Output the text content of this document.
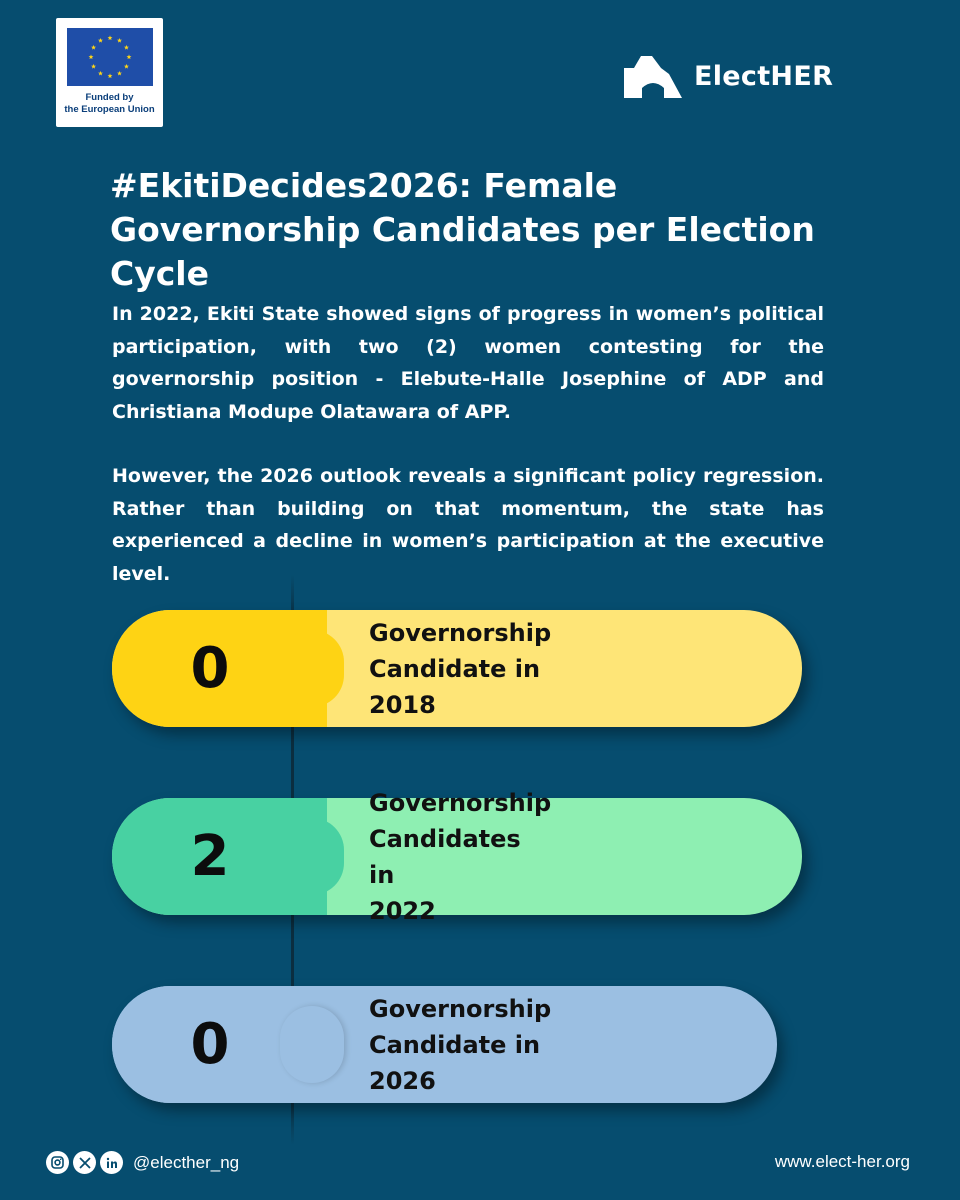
Funded by
the European Union
ElectHER
#EkitiDecides2026: Female Governorship Candidates per Election Cycle

In 2022, Ekiti State showed signs of progress in women’s political participation, with two (2) women contesting for the governorship position - Elebute-Halle Josephine of ADP and Christiana Modupe Olatawara of APP.

However, the 2026 outlook reveals a significant policy regression. Rather than building on that momentum, the state has experienced a decline in women’s participation at the executive level.

0
Governorship Candidate in
2018
2
Governorship Candidates in
2022
0
Governorship Candidate in
2026
@electher_ng	www.elect-her.org
